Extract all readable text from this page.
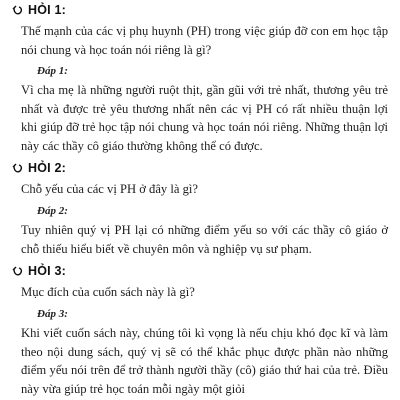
HỎI 1:

Thế mạnh của các vị phụ huynh (PH) trong việc giúp đỡ con em học tập nói chung và học toán nói riêng là gì?

Đáp 1:

Vì cha mẹ là những người ruột thịt, gần gũi với trẻ nhất, thương yêu trẻ nhất và được trẻ yêu thương nhất nên các vị PH có rất nhiều thuận lợi khi giúp đỡ trẻ học tập nói chung và học toán nói riêng. Những thuận lợi này các thầy cô giáo thường không thể có được.

HỎI 2:

Chỗ yếu của các vị PH ở đây là gì?

Đáp 2:

Tuy nhiên quý vị PH lại có những điểm yếu so với các thầy cô giáo ở chỗ thiếu hiểu biết về chuyên môn và nghiệp vụ sư phạm.

HỎI 3:

Mục đích của cuốn sách này là gì?

Đáp 3:

Khi viết cuốn sách này, chúng tôi kì vọng là nếu chịu khó đọc kĩ và làm theo nội dung sách, quý vị sẽ có thể khắc phục được phần nào những điểm yếu nói trên để trở thành người thầy (cô) giáo thứ hai của trẻ. Điều này vừa giúp trẻ học toán mỗi ngày một giỏi
